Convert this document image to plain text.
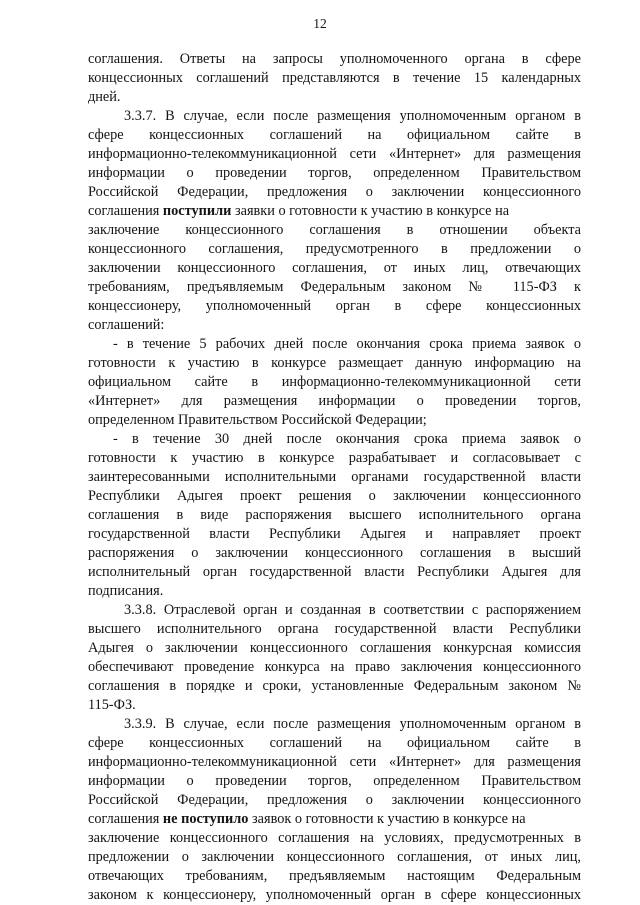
12
соглашения. Ответы на запросы уполномоченного органа в сфере
концессионных соглашений представляются в течение 15 календарных
дней.
3.3.7. В случае, если после размещения уполномоченным органом в
сфере концессионных соглашений на официальном сайте в
информационно-телекоммуникационной сети «Интернет» для размещения
информации о проведении торгов, определенном Правительством
Российской Федерации, предложения о заключении концессионного
соглашения поступили заявки о готовности к участию в конкурсе на
заключение концессионного соглашения в отношении объекта
концессионного соглашения, предусмотренного в предложении о
заключении концессионного соглашения, от иных лиц, отвечающих
требованиям, предъявляемым Федеральным законом № 115-ФЗ к
концессионеру, уполномоченный орган в сфере концессионных
соглашений:
- в течение 5 рабочих дней после окончания срока приема заявок о
готовности к участию в конкурсе размещает данную информацию на
официальном сайте в информационно-телекоммуникационной сети
«Интернет» для размещения информации о проведении торгов,
определенном Правительством Российской Федерации;
- в течение 30 дней после окончания срока приема заявок о
готовности к участию в конкурсе разрабатывает и согласовывает с
заинтересованными исполнительными органами государственной власти
Республики Адыгея проект решения о заключении концессионного
соглашения в виде распоряжения высшего исполнительного органа
государственной власти Республики Адыгея и направляет проект
распоряжения о заключении концессионного соглашения в высший
исполнительный орган государственной власти Республики Адыгея для
подписания.
3.3.8. Отраслевой орган и созданная в соответствии с распоряжением
высшего исполнительного органа государственной власти Республики
Адыгея о заключении концессионного соглашения конкурсная комиссия
обеспечивают проведение конкурса на право заключения концессионного
соглашения в порядке и сроки, установленные Федеральным законом №
115-ФЗ.
3.3.9. В случае, если после размещения уполномоченным органом в
сфере концессионных соглашений на официальном сайте в
информационно-телекоммуникационной сети «Интернет» для размещения
информации о проведении торгов, определенном Правительством
Российской Федерации, предложения о заключении концессионного
соглашения не поступило заявок о готовности к участию в конкурсе на
заключение концессионного соглашения на условиях, предусмотренных в
предложении о заключении концессионного соглашения, от иных лиц,
отвечающих требованиям, предъявляемым настоящим Федеральным
законом к концессионеру, уполномоченный орган в сфере концессионных
